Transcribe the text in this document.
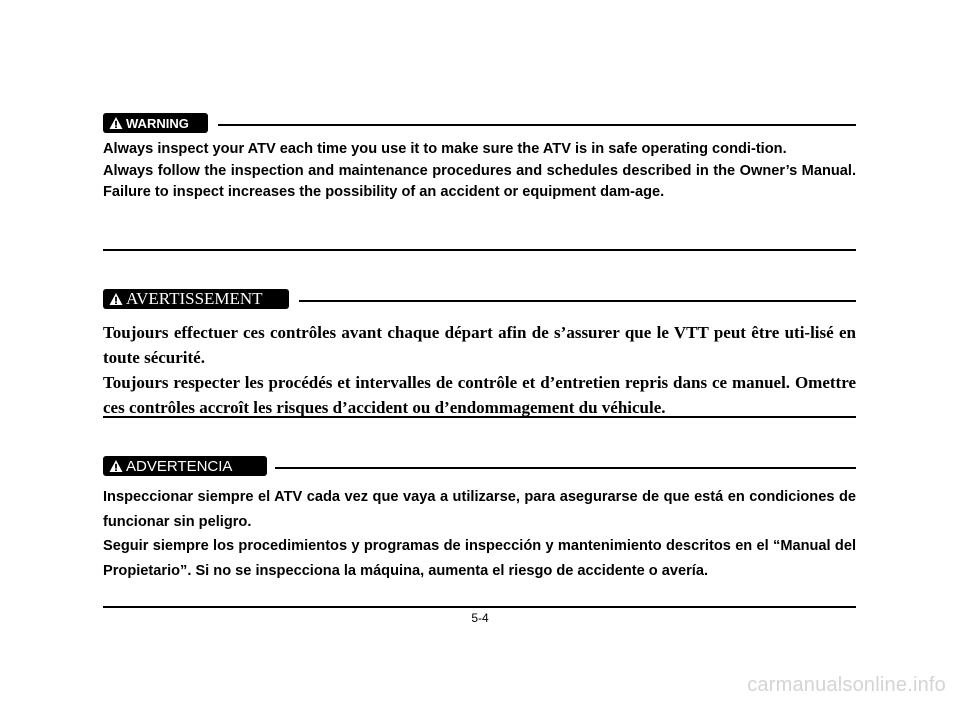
WARNING

Always inspect your ATV each time you use it to make sure the ATV is in safe operating condi-tion.

Always follow the inspection and maintenance procedures and schedules described in the Owner’s Manual. Failure to inspect increases the possibility of an accident or equipment dam-age.

AVERTISSEMENT

Toujours effectuer ces contrôles avant chaque départ afin de s’assurer que le VTT peut être uti-lisé en toute sécurité.

Toujours respecter les procédés et intervalles de contrôle et d’entretien repris dans ce manuel. Omettre ces contrôles accroît les risques d’accident ou d’endommagement du véhicule.

ADVERTENCIA

Inspeccionar siempre el ATV cada vez que vaya a utilizarse, para asegurarse de que está en condiciones de funcionar sin peligro.

Seguir siempre los procedimientos y programas de inspección y mantenimiento descritos en el “Manual del Propietario”. Si no se inspecciona la máquina, aumenta el riesgo de accidente o avería.

5-4
carmanualsonline.info
